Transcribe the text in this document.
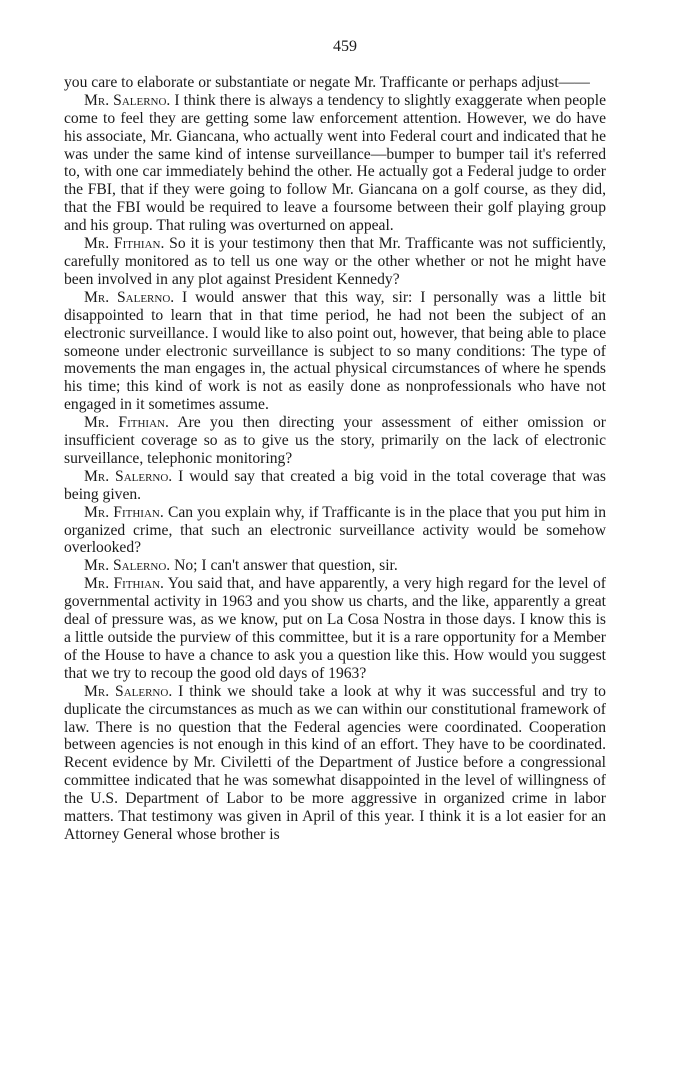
459

you care to elaborate or substantiate or negate Mr. Trafficante or perhaps adjust——

Mr. Salerno. I think there is always a tendency to slightly exaggerate when people come to feel they are getting some law enforcement attention. However, we do have his associate, Mr. Giancana, who actually went into Federal court and indicated that he was under the same kind of intense surveillance—bumper to bumper tail it's referred to, with one car immediately behind the other. He actually got a Federal judge to order the FBI, that if they were going to follow Mr. Giancana on a golf course, as they did, that the FBI would be required to leave a foursome between their golf playing group and his group. That ruling was overturned on appeal.

Mr. Fithian. So it is your testimony then that Mr. Trafficante was not sufficiently, carefully monitored as to tell us one way or the other whether or not he might have been involved in any plot against President Kennedy?

Mr. Salerno. I would answer that this way, sir: I personally was a little bit disappointed to learn that in that time period, he had not been the subject of an electronic surveillance. I would like to also point out, however, that being able to place someone under electronic surveillance is subject to so many conditions: The type of movements the man engages in, the actual physical circumstances of where he spends his time; this kind of work is not as easily done as nonprofessionals who have not engaged in it sometimes assume.

Mr. Fithian. Are you then directing your assessment of either omission or insufficient coverage so as to give us the story, primarily on the lack of electronic surveillance, telephonic monitoring?

Mr. Salerno. I would say that created a big void in the total coverage that was being given.

Mr. Fithian. Can you explain why, if Trafficante is in the place that you put him in organized crime, that such an electronic surveillance activity would be somehow overlooked?

Mr. Salerno. No; I can't answer that question, sir.

Mr. Fithian. You said that, and have apparently, a very high regard for the level of governmental activity in 1963 and you show us charts, and the like, apparently a great deal of pressure was, as we know, put on La Cosa Nostra in those days. I know this is a little outside the purview of this committee, but it is a rare opportunity for a Member of the House to have a chance to ask you a question like this. How would you suggest that we try to recoup the good old days of 1963?

Mr. Salerno. I think we should take a look at why it was successful and try to duplicate the circumstances as much as we can within our constitutional framework of law. There is no question that the Federal agencies were coordinated. Cooperation between agencies is not enough in this kind of an effort. They have to be coordinated. Recent evidence by Mr. Civiletti of the Department of Justice before a congressional committee indicated that he was somewhat disappointed in the level of willingness of the U.S. Department of Labor to be more aggressive in organized crime in labor matters. That testimony was given in April of this year. I think it is a lot easier for an Attorney General whose brother is
